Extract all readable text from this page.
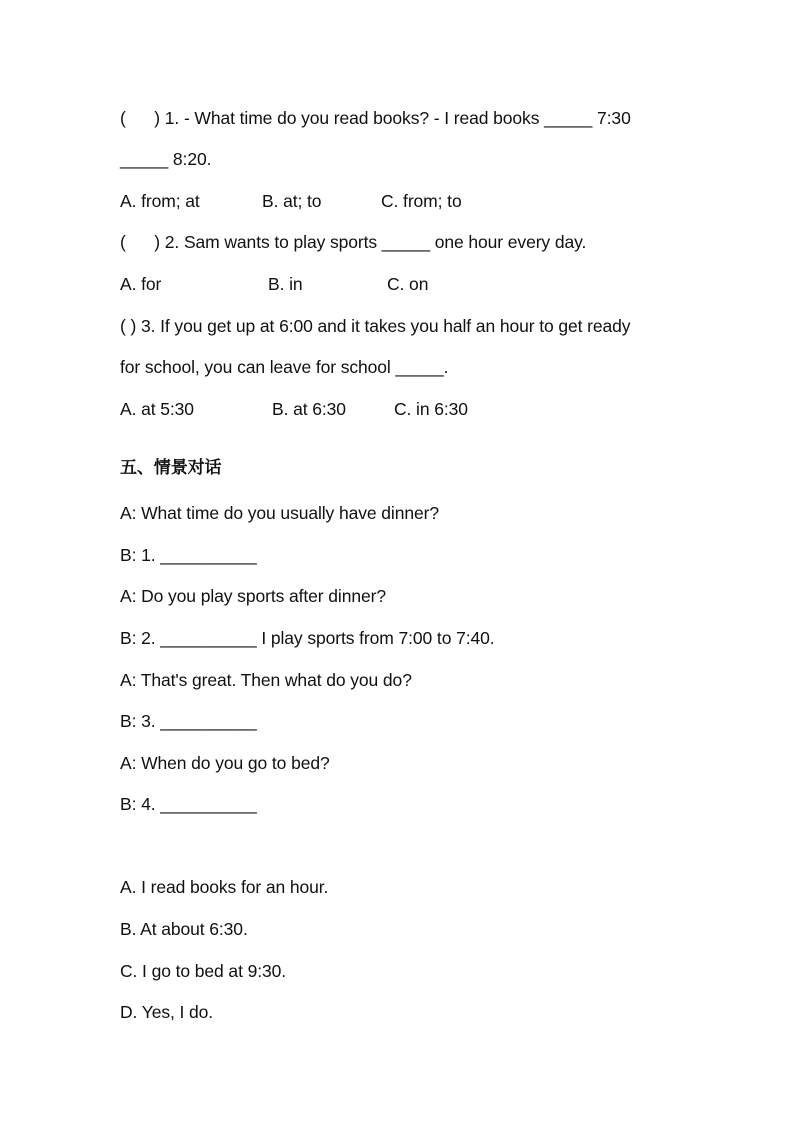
(      ) 1. - What time do you read books? - I read books _____ 7:30
_____ 8:20.
A. from; at	B. at; to	C. from; to
(      ) 2. Sam wants to play sports _____ one hour every day.
A. for	B. in	C. on
( ) 3. If you get up at 6:00 and it takes you half an hour to get ready
for school, you can leave for school _____.
A. at 5:30	B. at 6:30	C. in 6:30
五、情景对话
A: What time do you usually have dinner?
B: 1. __________
A: Do you play sports after dinner?
B: 2. __________ I play sports from 7:00 to 7:40.
A: That's great. Then what do you do?
B: 3. __________
A: When do you go to bed?
B: 4. __________
A. I read books for an hour.
B. At about 6:30.
C. I go to bed at 9:30.
D. Yes, I do.
